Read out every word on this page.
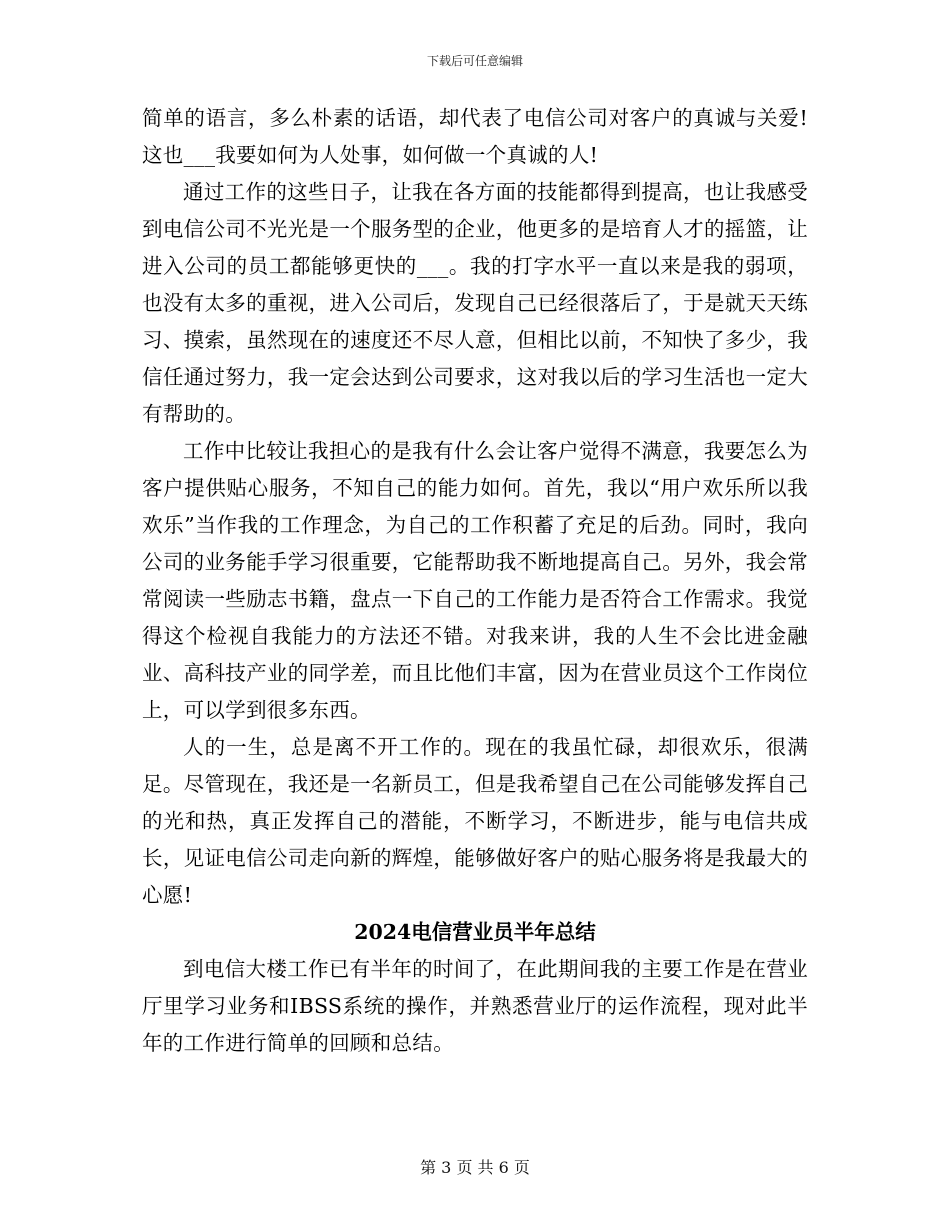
下载后可任意编辑

简单的语言，多么朴素的话语，却代表了电信公司对客户的真诚与关爱!这也___我要如何为人处事，如何做一个真诚的人!

通过工作的这些日子，让我在各方面的技能都得到提高，也让我感受到电信公司不光光是一个服务型的企业，他更多的是培育人才的摇篮，让进入公司的员工都能够更快的___。我的打字水平一直以来是我的弱项，也没有太多的重视，进入公司后，发现自己已经很落后了，于是就天天练习、摸索，虽然现在的速度还不尽人意，但相比以前，不知快了多少，我信任通过努力，我一定会达到公司要求，这对我以后的学习生活也一定大有帮助的。

工作中比较让我担心的是我有什么会让客户觉得不满意，我要怎么为客户提供贴心服务，不知自己的能力如何。首先，我以“用户欢乐所以我欢乐”当作我的工作理念，为自己的工作积蓄了充足的后劲。同时，我向公司的业务能手学习很重要，它能帮助我不断地提高自己。另外，我会常常阅读一些励志书籍，盘点一下自己的工作能力是否符合工作需求。我觉得这个检视自我能力的方法还不错。对我来讲，我的人生不会比进金融业、高科技产业的同学差，而且比他们丰富，因为在营业员这个工作岗位上，可以学到很多东西。

人的一生，总是离不开工作的。现在的我虽忙碌，却很欢乐，很满足。尽管现在，我还是一名新员工，但是我希望自己在公司能够发挥自己的光和热，真正发挥自己的潜能，不断学习，不断进步，能与电信共成长，见证电信公司走向新的辉煌，能够做好客户的贴心服务将是我最大的心愿!

2024电信营业员半年总结

到电信大楼工作已有半年的时间了，在此期间我的主要工作是在营业厅里学习业务和IBSS系统的操作，并熟悉营业厅的运作流程，现对此半年的工作进行简单的回顾和总结。

第 3 页 共 6 页
